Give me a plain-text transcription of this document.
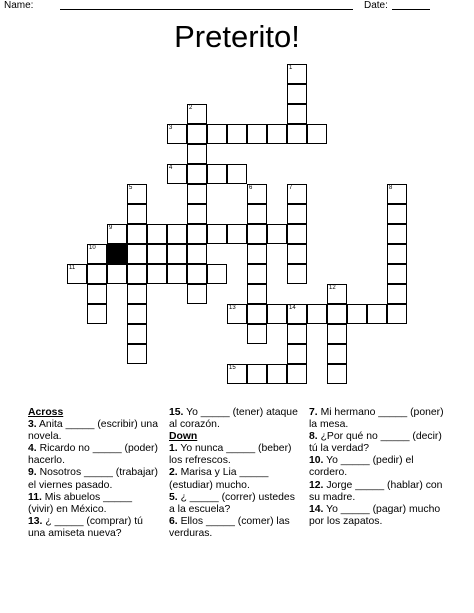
Name:	Date:
Preterito!
1
2
3
4
5	6	7	8
9
10
11
12
13	14
15
Across
3. Anita _____ (escribir) una novela.
4. Ricardo no _____ (poder) hacerlo.
9. Nosotros _____ (trabajar) el viernes pasado.
11. Mis abuelos _____ (vivir) en México.
13. ¿ _____ (comprar) tú una amiseta nueva?
15. Yo _____ (tener) ataque al corazón.
Down
1. Yo nunca _____ (beber) los refrescos.
2. Marisa y Lia _____ (estudiar) mucho.
5. ¿ _____ (correr) ustedes a la escuela?
6. Ellos _____ (comer) las verduras.
7. Mi hermano _____ (poner) la mesa.
8. ¿Por qué no _____ (decir) tú la verdad?
10. Yo _____ (pedir) el cordero.
12. Jorge _____ (hablar) con su madre.
14. Yo _____ (pagar) mucho por los zapatos.
